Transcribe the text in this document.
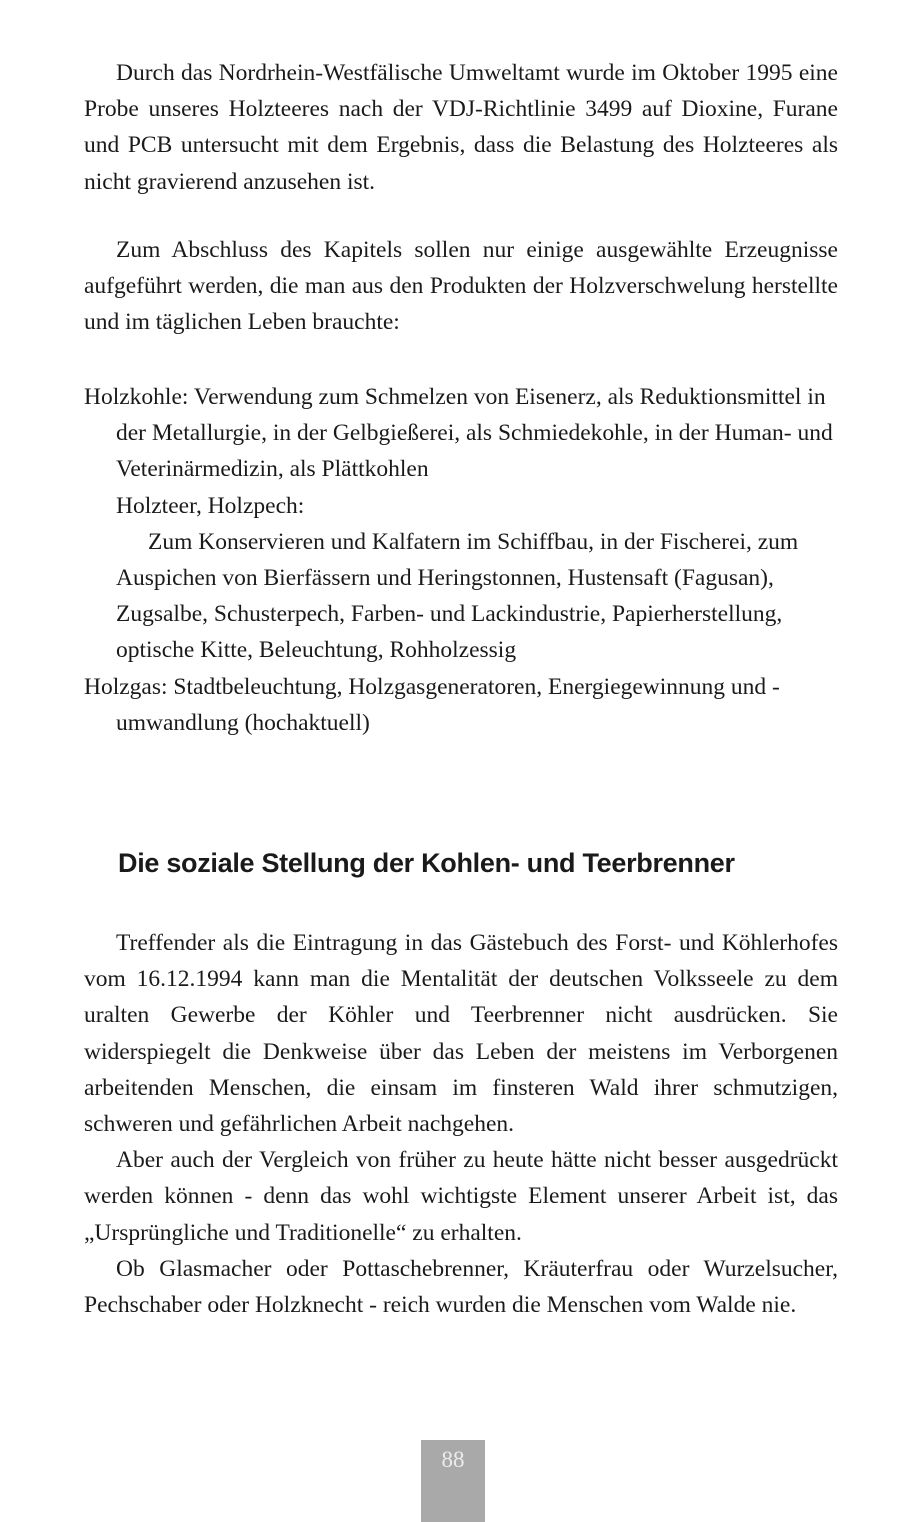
Durch das Nordrhein-Westfälische Umweltamt wurde im Oktober 1995 eine Probe unseres Holzteeres nach der VDJ-Richtlinie 3499 auf Dioxine, Furane und PCB untersucht mit dem Ergebnis, dass die Belastung des Holzteeres als nicht gravierend anzusehen ist.

Zum Abschluss des Kapitels sollen nur einige ausgewählte Erzeugnisse aufgeführt werden, die man aus den Produkten der Holzverschwelung herstellte und im täglichen Leben brauchte:

Holzkohle: Verwendung zum Schmelzen von Eisenerz, als Reduktionsmittel in der Metallurgie, in der Gelbgießerei, als Schmiedekohle, in der Human- und Veterinärmedizin, als Plättkohlen

Holzteer, Holzpech:

Zum Konservieren und Kalfatern im Schiffbau, in der Fischerei, zum Auspichen von Bierfässern und Heringstonnen, Hustensaft (Fagusan), Zugsalbe, Schusterpech, Farben- und Lackindustrie, Papierherstellung, optische Kitte, Beleuchtung, Rohholzessig

Holzgas: Stadtbeleuchtung, Holzgasgeneratoren, Energiegewinnung und -umwandlung (hochaktuell)

Die soziale Stellung der Kohlen- und Teerbrenner

Treffender als die Eintragung in das Gästebuch des Forst- und Köhlerhofes vom 16.12.1994 kann man die Mentalität der deutschen Volksseele zu dem uralten Gewerbe der Köhler und Teerbrenner nicht ausdrücken. Sie widerspiegelt die Denkweise über das Leben der meistens im Verborgenen arbeitenden Menschen, die einsam im finsteren Wald ihrer schmutzigen, schweren und gefährlichen Arbeit nachgehen.

Aber auch der Vergleich von früher zu heute hätte nicht besser ausgedrückt werden können - denn das wohl wichtigste Element unserer Arbeit ist, das „Ursprüngliche und Traditionelle“ zu erhalten.

Ob Glasmacher oder Pottaschebrenner, Kräuterfrau oder Wurzelsucher, Pechschaber oder Holzknecht - reich wurden die Menschen vom Walde nie.

88
